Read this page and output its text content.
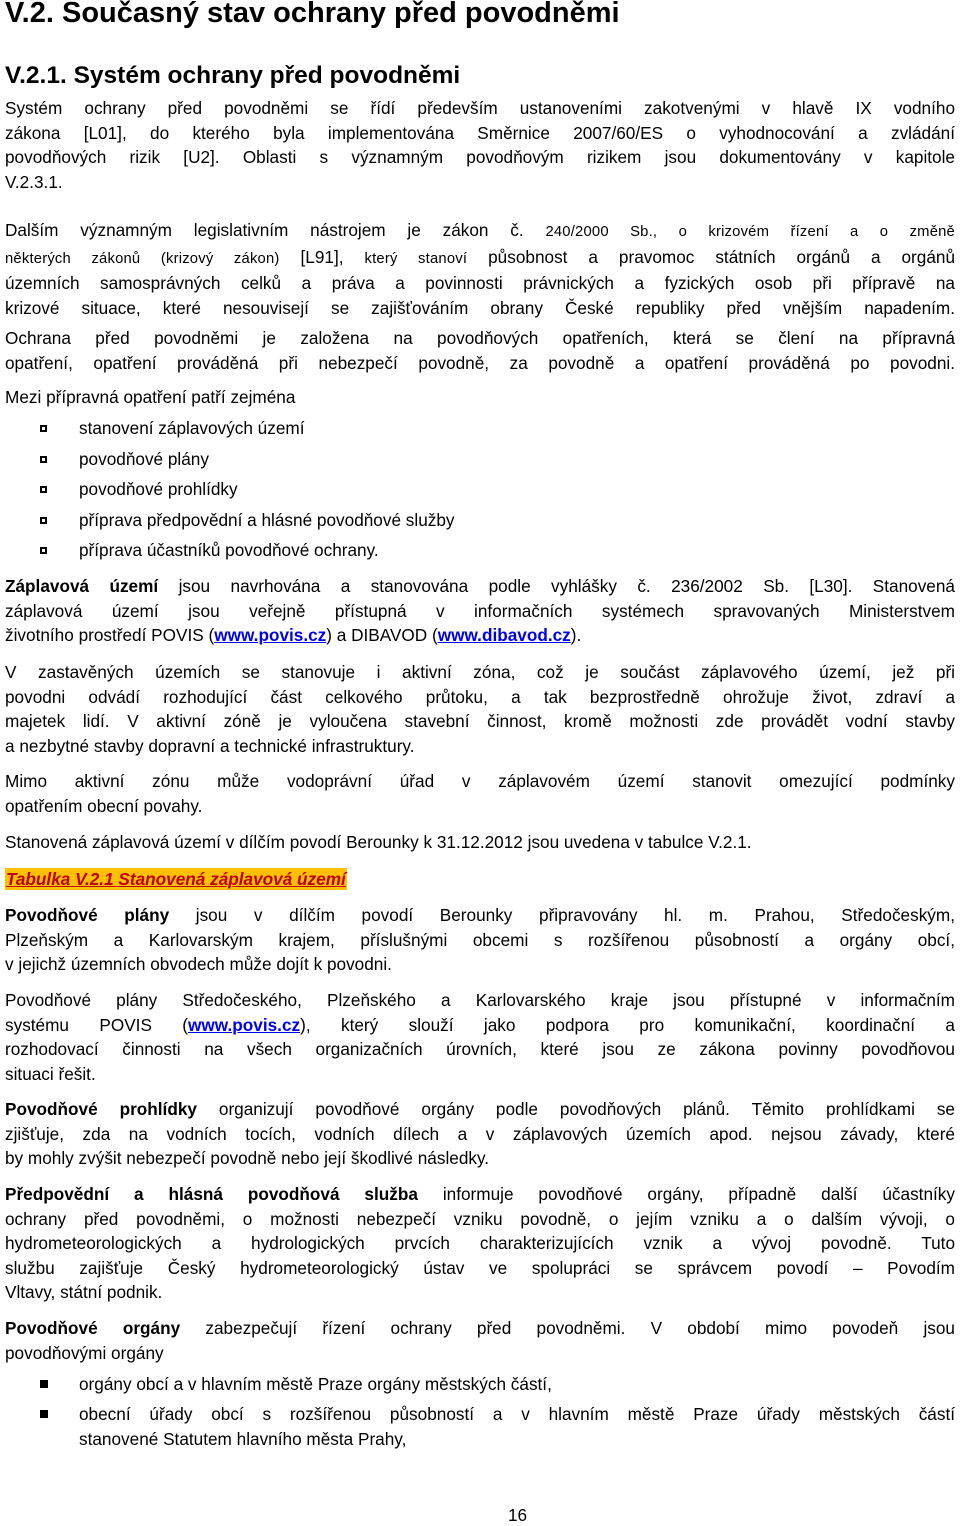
V.2. Současný stav ochrany před povodněmi
V.2.1. Systém ochrany před povodněmi
Systém ochrany před povodněmi se řídí především ustanoveními zakotvenými v hlavě IX vodního
zákona [L01], do kterého byla implementována Směrnice 2007/60/ES o vyhodnocování a zvládání
povodňových rizik [U2]. Oblasti s významným povodňovým rizikem jsou dokumentovány v kapitole
V.2.3.1.
Dalším významným legislativním nástrojem je zákon č. 240/2000 Sb., o krizovém řízení a o změně
některých zákonů (krizový zákon) [L91], který stanoví působnost a pravomoc státních orgánů a orgánů
územních samosprávných celků a práva a povinnosti právnických a fyzických osob při přípravě na
krizové situace, které nesouvisejí se zajišťováním obrany České republiky před vnějším napadením.
Ochrana před povodněmi je založena na povodňových opatřeních, která se člení na přípravná
opatření, opatření prováděná při nebezpečí povodně, za povodně a opatření prováděná po povodni.
Mezi přípravná opatření patří zejména
stanovení záplavových území
povodňové plány
povodňové prohlídky
příprava předpovědní a hlásné povodňové služby
příprava účastníků povodňové ochrany.
Záplavová území jsou navrhována a stanovována podle vyhlášky č. 236/2002 Sb. [L30]. Stanovená
záplavová území jsou veřejně přístupná v informačních systémech spravovaných Ministerstvem
životního prostředí POVIS (www.povis.cz) a DIBAVOD (www.dibavod.cz).
V zastavěných územích se stanovuje i aktivní zóna, což je součást záplavového území, jež při
povodni odvádí rozhodující část celkového průtoku, a tak bezprostředně ohrožuje život, zdraví a
majetek lidí. V aktivní zóně je vyloučena stavební činnost, kromě možnosti zde provádět vodní stavby
a nezbytné stavby dopravní a technické infrastruktury.
Mimo aktivní zónu může vodoprávní úřad v záplavovém území stanovit omezující podmínky
opatřením obecní povahy.
Stanovená záplavová území v dílčím povodí Berounky k 31.12.2012 jsou uvedena v tabulce V.2.1.
Tabulka V.2.1 Stanovená záplavová území
Povodňové plány jsou v dílčím povodí Berounky připravovány hl. m. Prahou, Středočeským,
Plzeňským a Karlovarským krajem, příslušnými obcemi s rozšířenou působností a orgány obcí,
v jejichž územních obvodech může dojít k povodni.
Povodňové plány Středočeského, Plzeňského a Karlovarského kraje jsou přístupné v informačním
systému POVIS (www.povis.cz), který slouží jako podpora pro komunikační, koordinační a
rozhodovací činnosti na všech organizačních úrovních, které jsou ze zákona povinny povodňovou
situaci řešit.
Povodňové prohlídky organizují povodňové orgány podle povodňových plánů. Těmito prohlídkami se
zjišťuje, zda na vodních tocích, vodních dílech a v záplavových územích apod. nejsou závady, které
by mohly zvýšit nebezpečí povodně nebo její škodlivé následky.
Předpovědní a hlásná povodňová služba informuje povodňové orgány, případně další účastníky
ochrany před povodněmi, o možnosti nebezpečí vzniku povodně, o jejím vzniku a o dalším vývoji, o
hydrometeorologických a hydrologických prvcích charakterizujících vznik a vývoj povodně. Tuto
službu zajišťuje Český hydrometeorologický ústav ve spolupráci se správcem povodí – Povodím
Vltavy, státní podnik.
Povodňové orgány zabezpečují řízení ochrany před povodněmi. V období mimo povodeň jsou
povodňovými orgány
orgány obcí a v hlavním městě Praze orgány městských částí,
obecní úřady obcí s rozšířenou působností a v hlavním městě Praze úřady městských částí
stanovené Statutem hlavního města Prahy,
16
